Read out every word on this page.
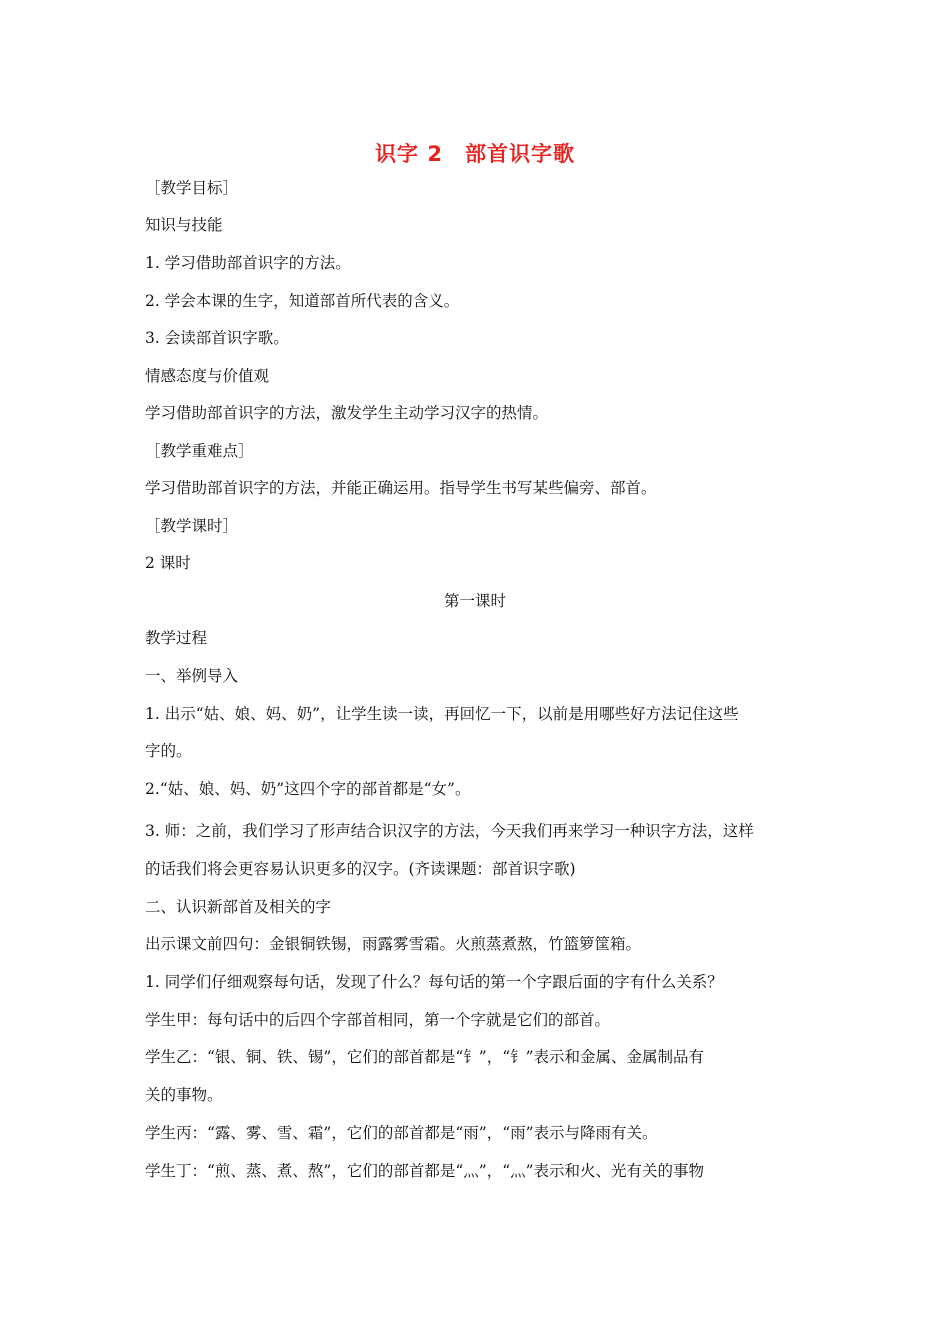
识字 2　部首识字歌
［教学目标］
知识与技能
1. 学习借助部首识字的方法。
2. 学会本课的生字，知道部首所代表的含义。
3. 会读部首识字歌。
情感态度与价值观
学习借助部首识字的方法，激发学生主动学习汉字的热情。
［教学重难点］
学习借助部首识字的方法，并能正确运用。指导学生书写某些偏旁、部首。
［教学课时］
2 课时
第一课时
教学过程
一、举例导入
1. 出示“姑、娘、妈、奶”，让学生读一读，再回忆一下，以前是用哪些好方法记住这些
字的。
2.“姑、娘、妈、奶”这四个字的部首都是“女”。
3. 师：之前，我们学习了形声结合识汉字的方法，今天我们再来学习一种识字方法，这样
的话我们将会更容易认识更多的汉字。(齐读课题：部首识字歌)
二、认识新部首及相关的字
出示课文前四句：金银铜铁锡，雨露雾雪霜。火煎蒸煮熬，竹篮箩筐箱。
1. 同学们仔细观察每句话，发现了什么？每句话的第一个字跟后面的字有什么关系？
学生甲：每句话中的后四个字部首相同，第一个字就是它们的部首。
学生乙：“银、铜、铁、锡”，它们的部首都是“钅”，“钅”表示和金属、金属制品有
关的事物。
学生丙：“露、雾、雪、霜”，它们的部首都是“雨”，“雨”表示与降雨有关。
学生丁：“煎、蒸、煮、熬”，它们的部首都是“灬”，“灬”表示和火、光有关的事物
